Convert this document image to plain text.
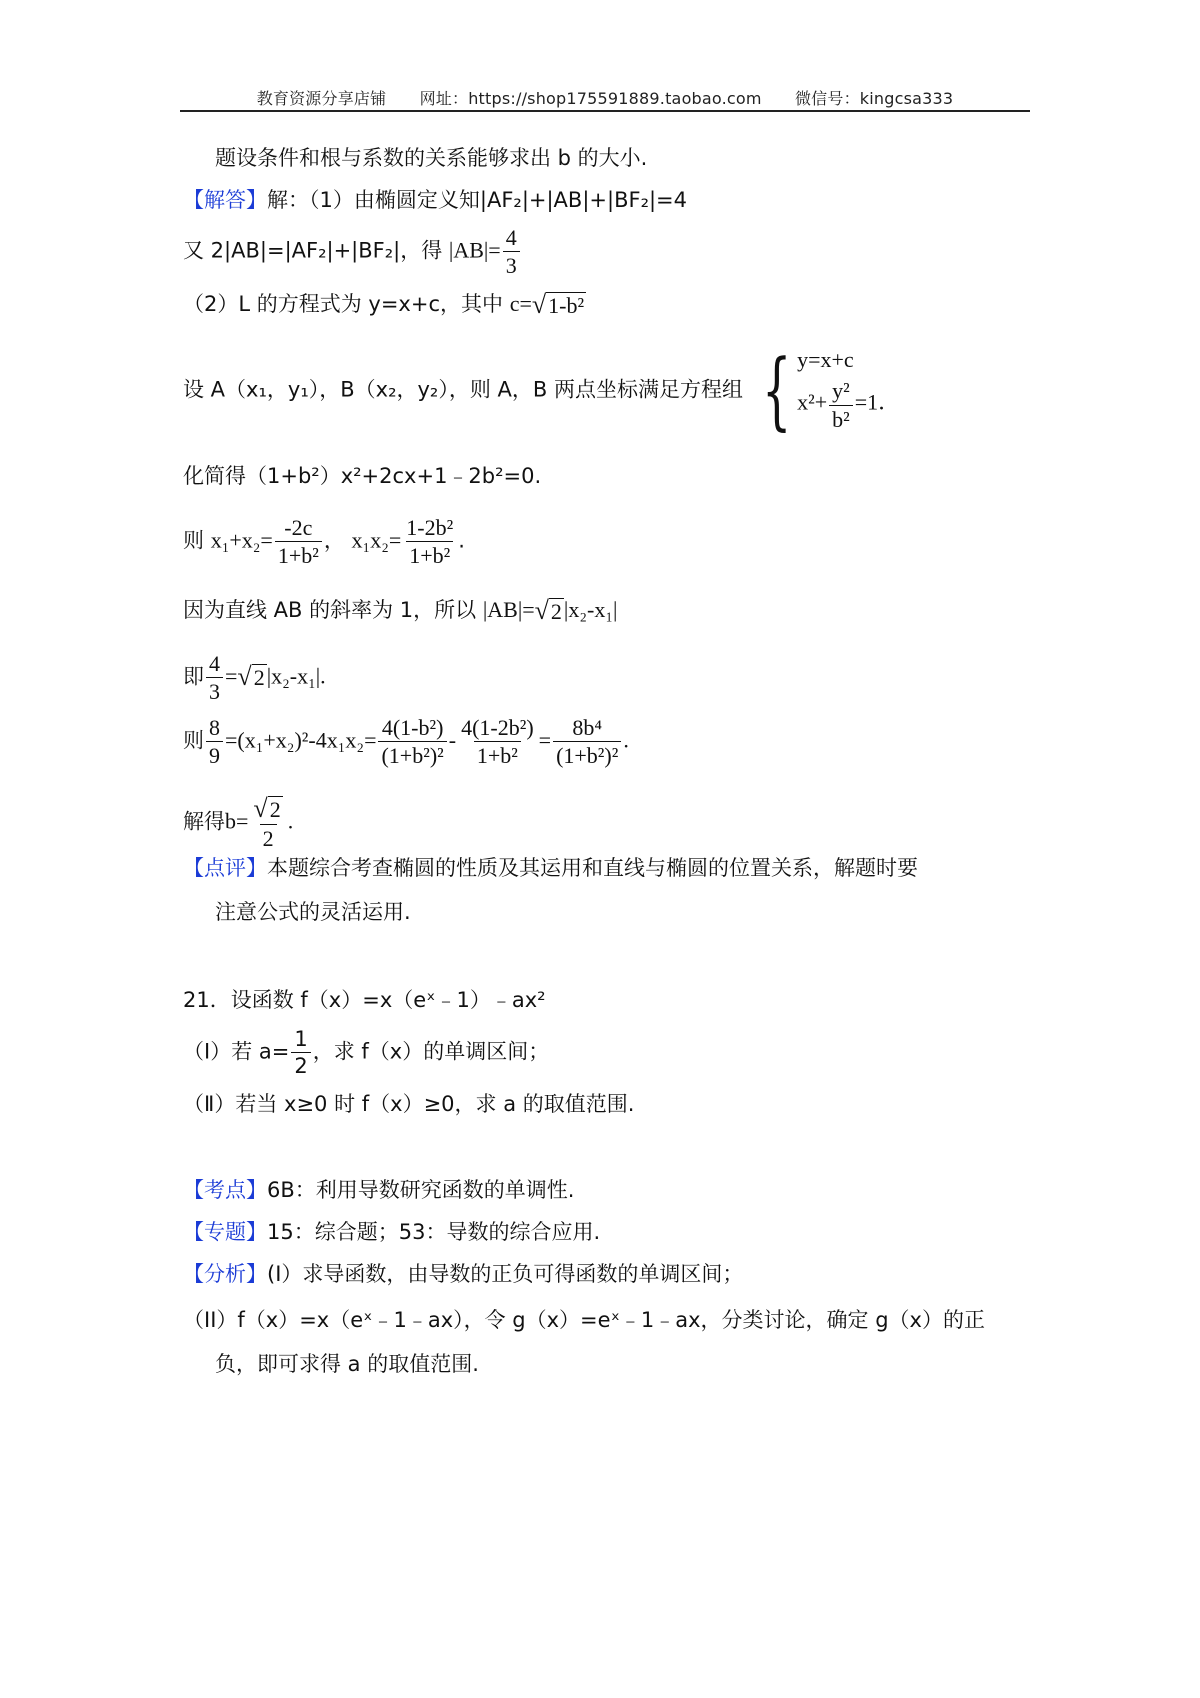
教育资源分享店铺 网址：https://shop175591889.taobao.com 微信号：kingcsa333
题设条件和根与系数的关系能够求出 b 的大小.
【解答】解：（1）由椭圆定义知|AF₂|+|AB|+|BF₂|=4
又 2|AB|=|AF₂|+|BF₂|，得 $|AB|= \frac{4}{3}$
（2）L 的方程式为 y=x+c，其中 c= √ 1-b²
设 A（x₁，y₁），B（x₂，y₂），则 A，B 两点坐标满足方程组 { y=x+c
$x^2+ \frac{\text{y²}}{\text{b²}} =1$．
化简得（1+b²）x²+2cx+1﹣2b²=0.
则 $x_1+x_2= \frac{-2c}{\text{1+b²}}$ ， $x_1x_2= \frac{\text{1-2b²}}{\text{1+b²}}$ .
因为直线 AB 的斜率为 1，所以 |AB|= √ 2 |x₂-x₁|
即 $\frac{4}{3}$ = √ 2 |x₂-x₁|.
则 $\frac{8}{9} =(x_1+x_2)^2-4x_1x_2= \frac{\text{4(1-b²)}}{\text{(1+b²)²}} - \frac{\text{4(1-2b²)}}{\text{1+b²}} = \frac{\text{8b⁴}}{\text{(1+b²)²}}$ .
解得$b= \frac{√ 2}{2}$ .
【点评】本题综合考查椭圆的性质及其运用和直线与椭圆的位置关系，解题时要
注意公式的灵活运用.
21．设函数 f（x）=x（eˣ﹣1）﹣ax²
（Ⅰ）若 $a= \frac{1}{2}$ ，求 f（x）的单调区间；
（Ⅱ）若当 x≥0 时 f（x）≥0，求 a 的取值范围.
【考点】6B：利用导数研究函数的单调性.
【专题】15：综合题；53：导数的综合应用.
【分析】(I）求导函数，由导数的正负可得函数的单调区间；
（II）f（x）=x（eˣ﹣1﹣ax），令 g（x）=eˣ﹣1﹣ax，分类讨论，确定 g（x）的正
负，即可求得 a 的取值范围.
